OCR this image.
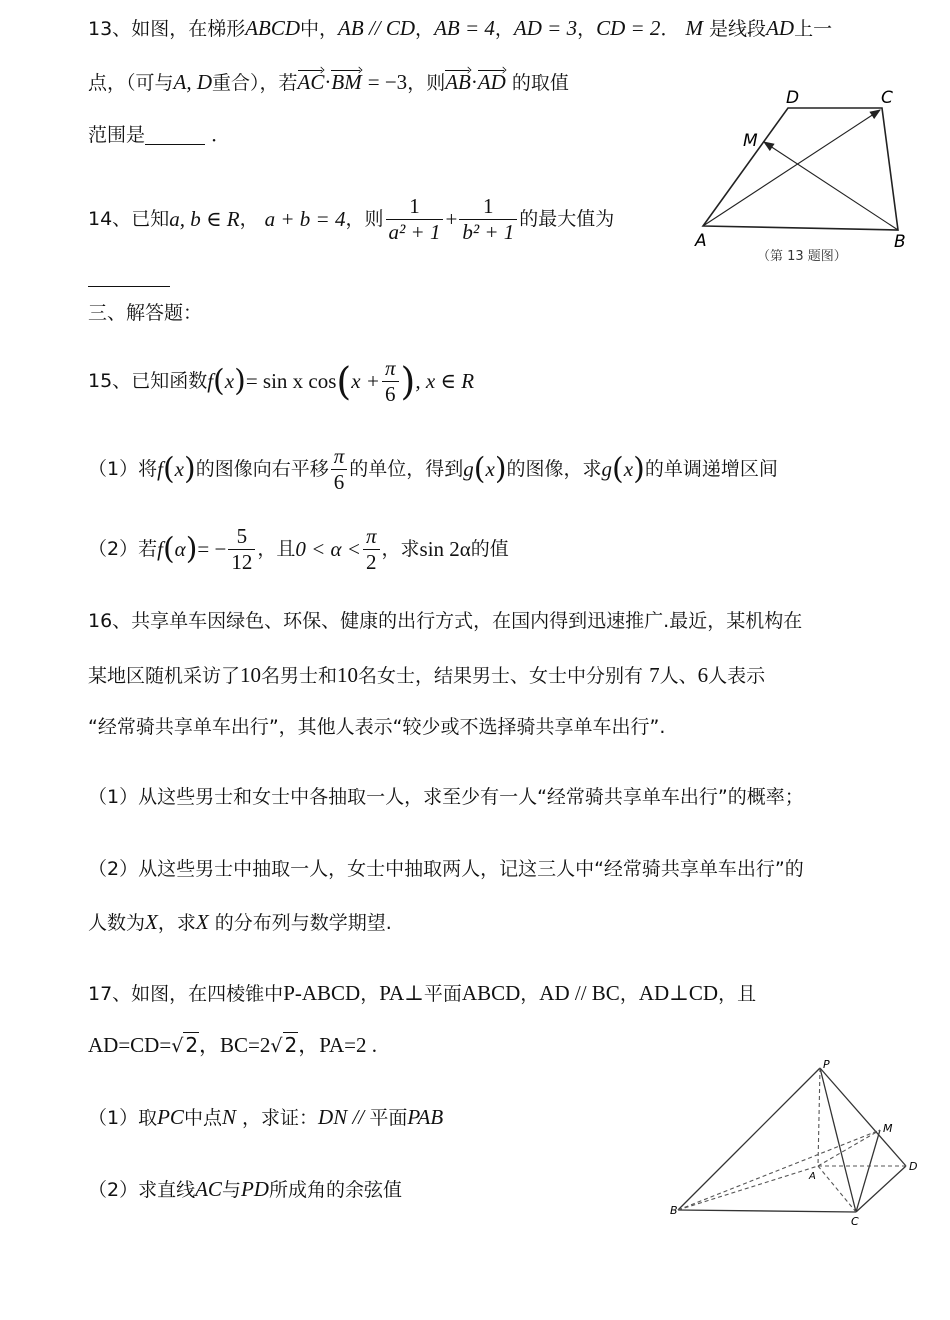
13、如图，在梯形ABCD中，AB // CD，AB = 4，AD = 3，CD = 2． M 是线段AD上一
点，（可与A, D重合），若AC·BM = −3，则AB·AD 的取值
范围是	．
D	C
M
A	B
（第 13 题图）
14、已知a, b ∈ R， a + b = 4，则 $\frac{1}{\text{a² + 1}} + \frac{1}{\text{b² + 1}}$ 的最大值为
三、解答题：
15、已知函数f(x)= sin x $\cos(x + \frac{\pi}{6}$ ), x ∈ R
（1）将f(x)的图像向右平移 $\frac{\pi}{6}$ 的单位，得到g(x)的图像，求g(x)的单调递增区间
（2）若$f(\alpha)= - \frac{5}{12}$ ，且$0 < \alpha < \frac{\pi}{2}$ ，求sin 2α的值
16、共享单车因绿色、环保、健康的出行方式，在国内得到迅速推广.最近，某机构在
某地区随机采访了10名男士和10名女士，结果男士、女士中分别有 7人、6人表示
“经常骑共享单车出行”，其他人表示“较少或不选择骑共享单车出行”.
（1）从这些男士和女士中各抽取一人，求至少有一人“经常骑共享单车出行”的概率；
（2）从这些男士中抽取一人，女士中抽取两人，记这三人中“经常骑共享单车出行”的
人数为X，求X 的分布列与数学期望.
17、如图，在四棱锥中P‐ABCD，PA⊥平面ABCD，AD // BC，AD⊥CD，且
AD=CD=√ 2，BC=2√ 2，PA=2 .
（1）取PC中点N ，求证：DN // 平面PAB
（2）求直线AC与PD所成角的余弦值
P
M
A
D
B
C
